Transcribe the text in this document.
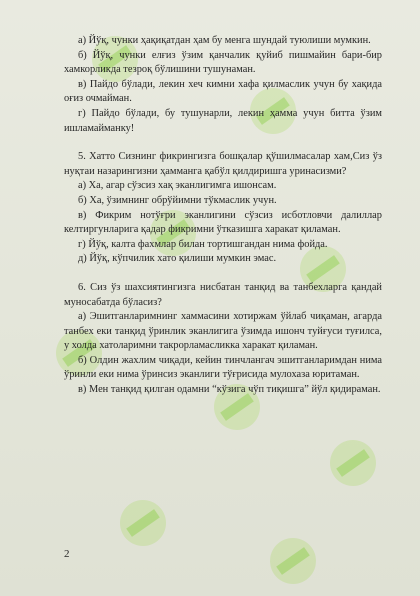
а) Йўқ, чунки ҳақиқатдан ҳам бу менга шундай туюлиши мумкин.

б) Йўқ, чунки елғиз ўзим қанчалик қуйиб пишмайин бари-бир хамкорликда тезроқ бўлишини тушунаман.

в) Пайдо бўлади, лекин хеч кимни хафа қилмаслик учун бу хақида оғиз очмайман.

г) Пайдо бўлади, бу тушунарли, лекин ҳамма учун битта ўзим ишламайманку!

5. Хатто Сизнинг фикрингизга бошқалар қўшилмасалар хам,Сиз ўз нуқтаи назарингизни ҳамманга қабўл қилдиришга уринасизми?

а) Ха, агар сўзсиз хақ эканлигимга ишонсам.

б) Ха, ўзимнинг обрўйимни тўкмаслик учун.

в) Фикрим нотўғри эканлигини сўзсиз исботловчи далиллар келтиргунларига қадар фикримни ўтказишга харакат қиламан.

г) Йўқ, калта фахмлар билан тортишгандан нима фойда.

д) Йўқ, кўпчилик хато қилиши мумкин эмас.

6. Сиз ўз шахсиятингизга нисбатан танқид ва танбехларга қандай муносабатда бўласиз?

а) Эшитганларимнинг хаммасини хотиржам ўйлаб чиқаман, агарда танбех еки танқид ўринлик эканлигига ўзимда ишонч туйғуси туғилса, у холда хатоларимни такрорламасликка харакат қиламан.

б) Олдин жахлим чиқади, кейин тинчлангач эшитганларимдан нима ўринли еки нима ўринсиз эканлиги тўғрисида мулохаза юритаман.

в) Мен танқид қилган одамни “кўзига чўп тиқишга” йўл қидираман.

2
